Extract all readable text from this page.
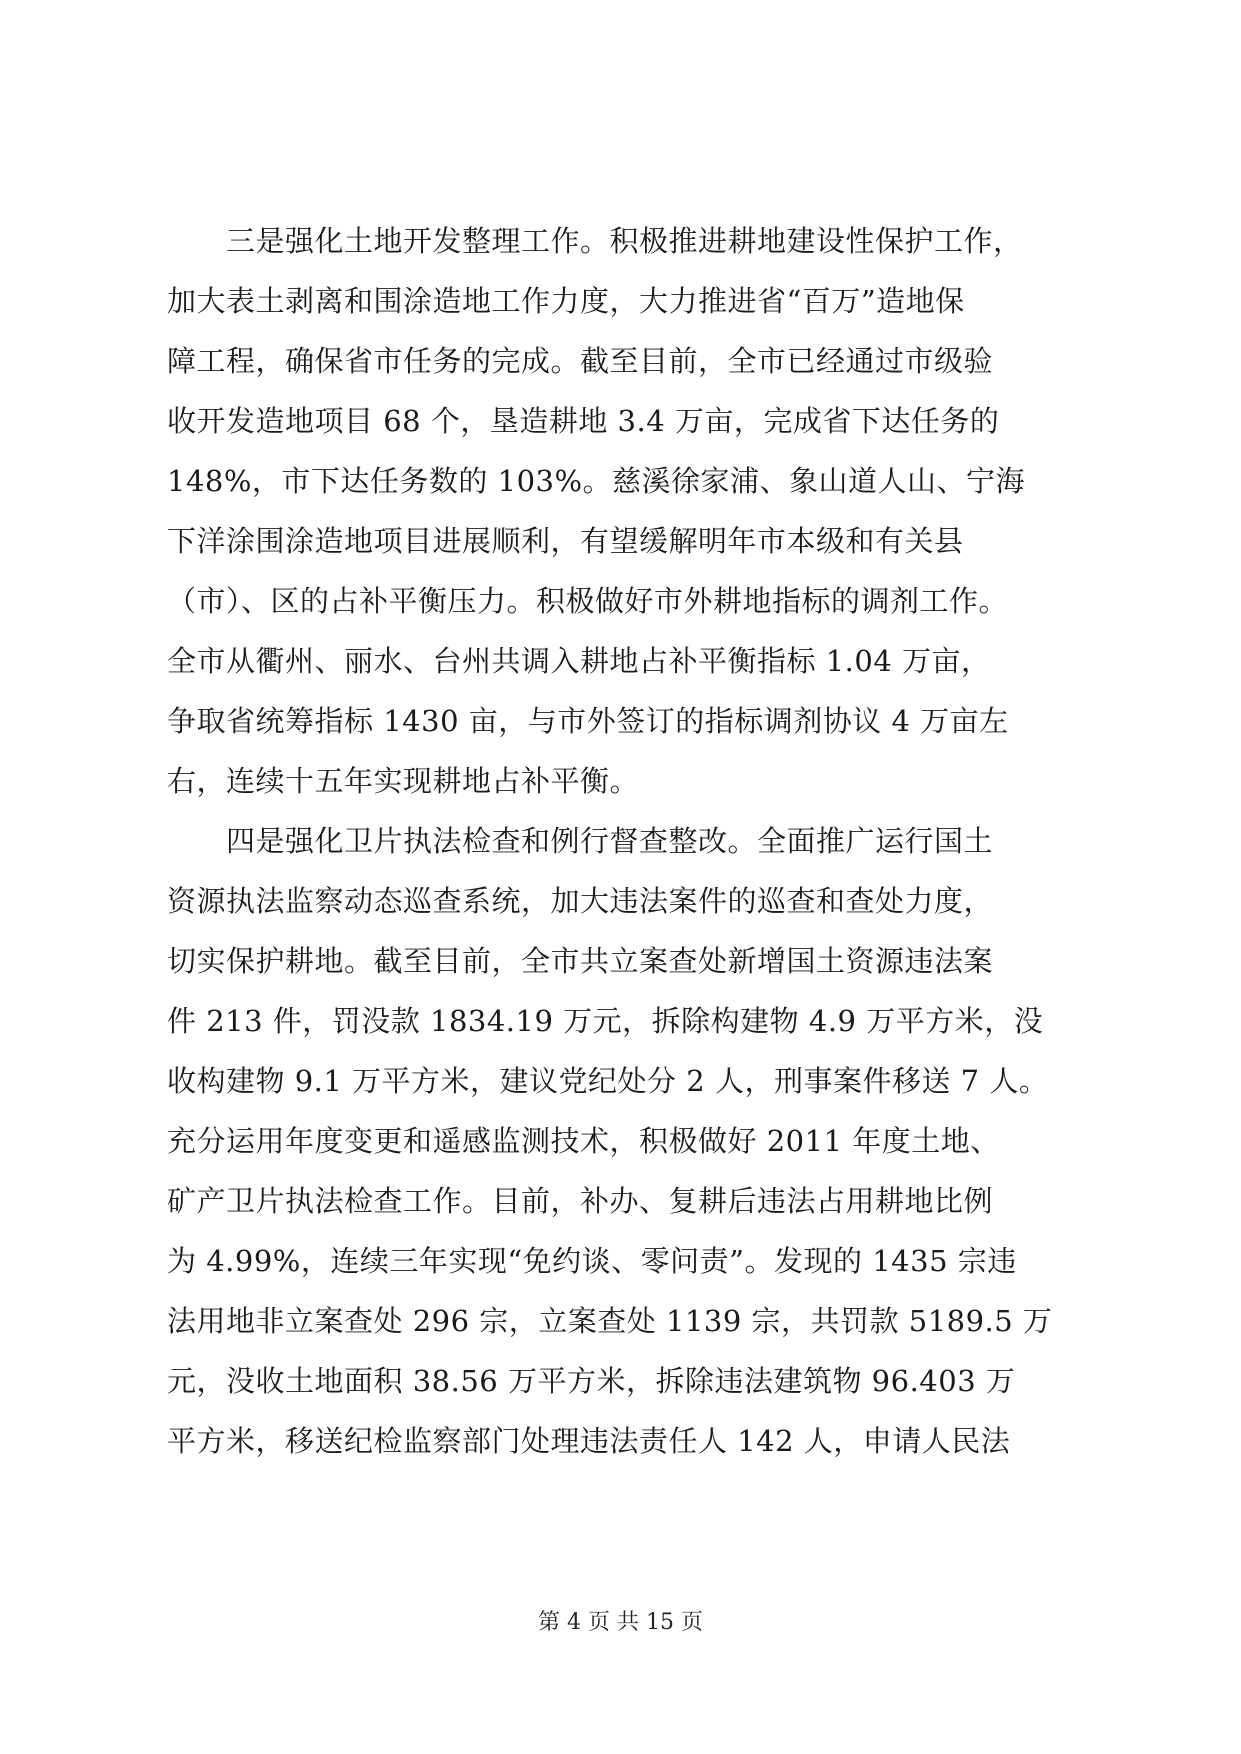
　　三是强化土地开发整理工作。积极推进耕地建设性保护工作，
加大表土剥离和围涂造地工作力度，大力推进省“百万”造地保
障工程，确保省市任务的完成。截至目前，全市已经通过市级验
收开发造地项目 68 个，垦造耕地 3.4 万亩，完成省下达任务的
148%，市下达任务数的 103%。慈溪徐家浦、象山道人山、宁海
下洋涂围涂造地项目进展顺利，有望缓解明年市本级和有关县
（市）、区的占补平衡压力。积极做好市外耕地指标的调剂工作。
全市从衢州、丽水、台州共调入耕地占补平衡指标 1.04 万亩，
争取省统筹指标 1430 亩，与市外签订的指标调剂协议 4 万亩左
右，连续十五年实现耕地占补平衡。
　　四是强化卫片执法检查和例行督查整改。全面推广运行国土
资源执法监察动态巡查系统，加大违法案件的巡查和查处力度，
切实保护耕地。截至目前，全市共立案查处新增国土资源违法案
件 213 件，罚没款 1834.19 万元，拆除构建物 4.9 万平方米，没
收构建物 9.1 万平方米，建议党纪处分 2 人，刑事案件移送 7 人。
充分运用年度变更和遥感监测技术，积极做好 2011 年度土地、
矿产卫片执法检查工作。目前，补办、复耕后违法占用耕地比例
为 4.99%，连续三年实现“免约谈、零问责”。发现的 1435 宗违
法用地非立案查处 296 宗，立案查处 1139 宗，共罚款 5189.5 万
元，没收土地面积 38.56 万平方米，拆除违法建筑物 96.403 万
平方米，移送纪检监察部门处理违法责任人 142 人，申请人民法
第 4 页 共 15 页
